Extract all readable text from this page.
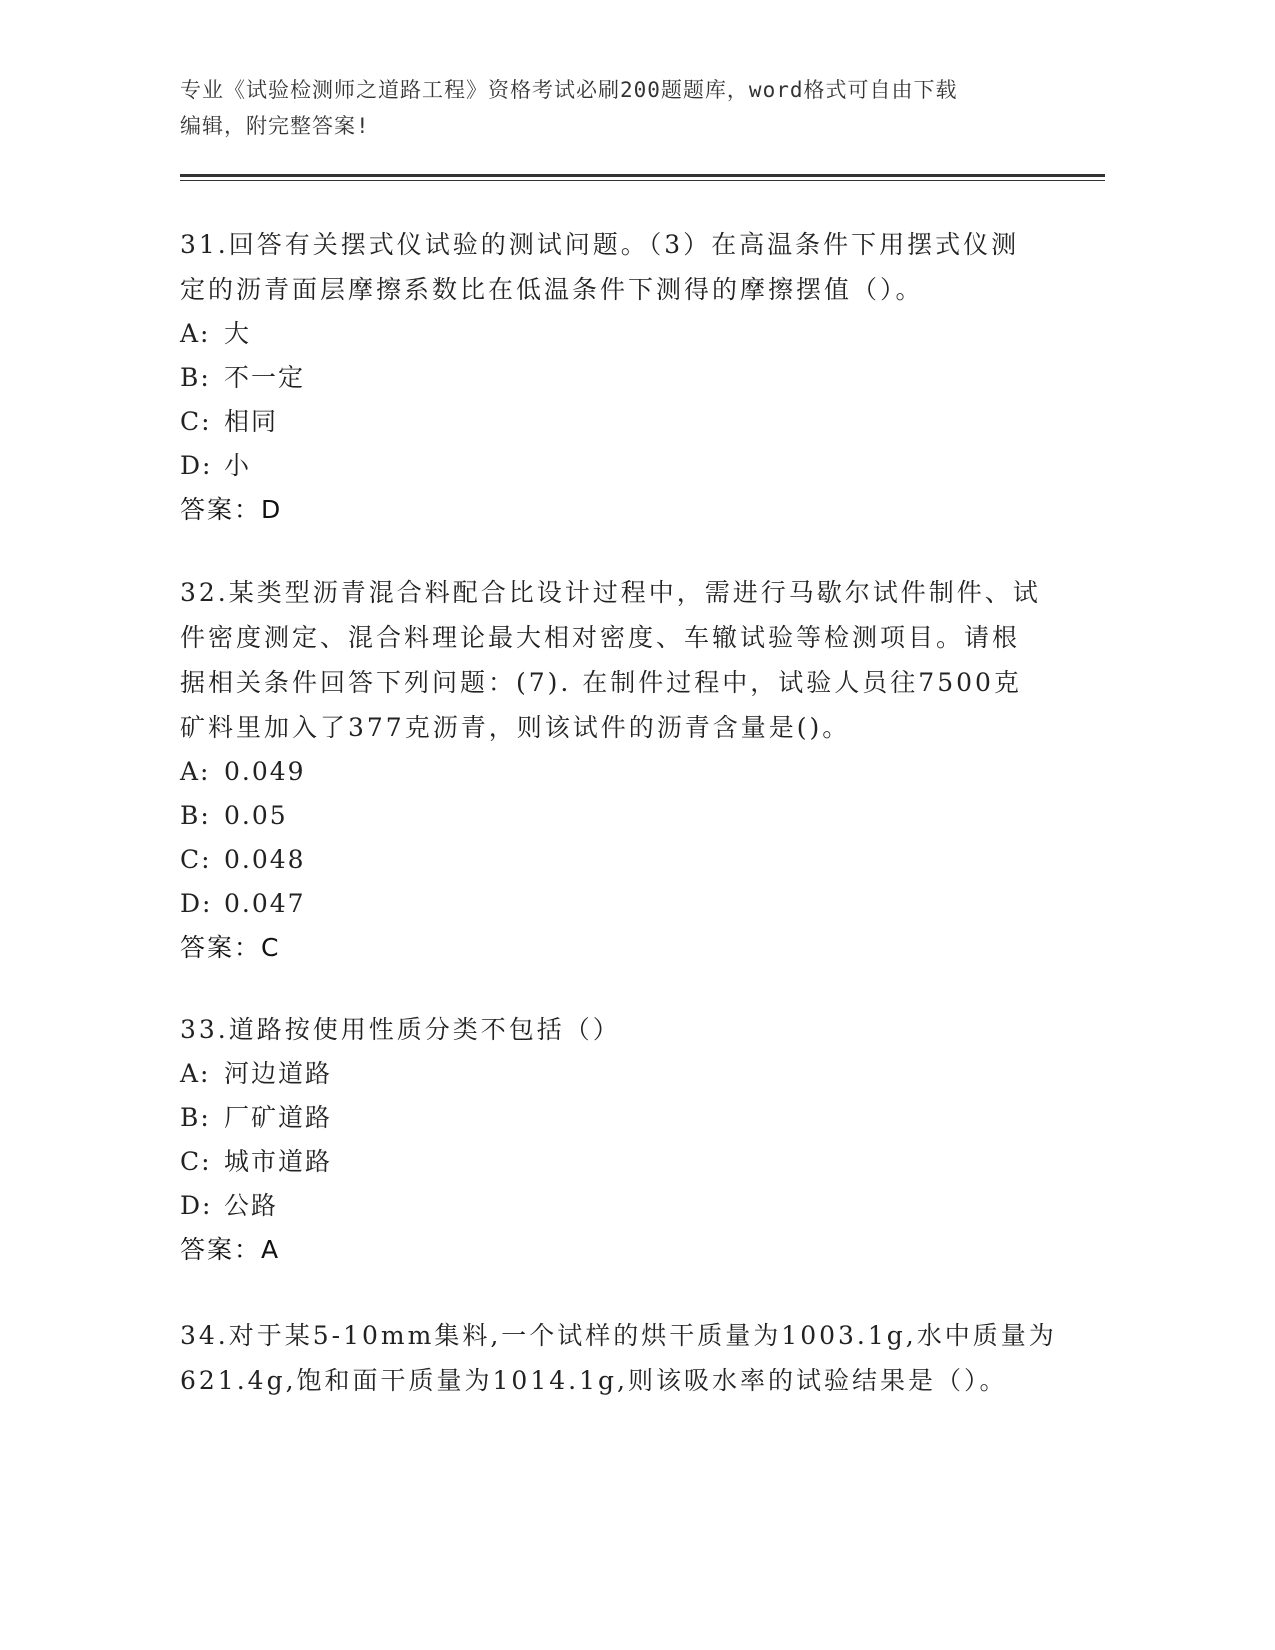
专业《试验检测师之道路工程》资格考试必刷200题题库，word格式可自由下载
编辑，附完整答案!

31.回答有关摆式仪试验的测试问题。（3）在高温条件下用摆式仪测

定的沥青面层摩擦系数比在低温条件下测得的摩擦摆值（）。

A: 大

B: 不一定

C: 相同

D: 小

答案：D

32.某类型沥青混合料配合比设计过程中，需进行马歇尔试件制件、试

件密度测定、混合料理论最大相对密度、车辙试验等检测项目。请根

据相关条件回答下列问题：(7). 在制件过程中，试验人员往7500克

矿料里加入了377克沥青，则该试件的沥青含量是()。

A: 0.049

B: 0.05

C: 0.048

D: 0.047

答案：C

33.道路按使用性质分类不包括（）

A: 河边道路

B: 厂矿道路

C: 城市道路

D: 公路

答案：A

34.对于某5-10mm集料,一个试样的烘干质量为1003.1g,水中质量为

621.4g,饱和面干质量为1014.1g,则该吸水率的试验结果是（）。
